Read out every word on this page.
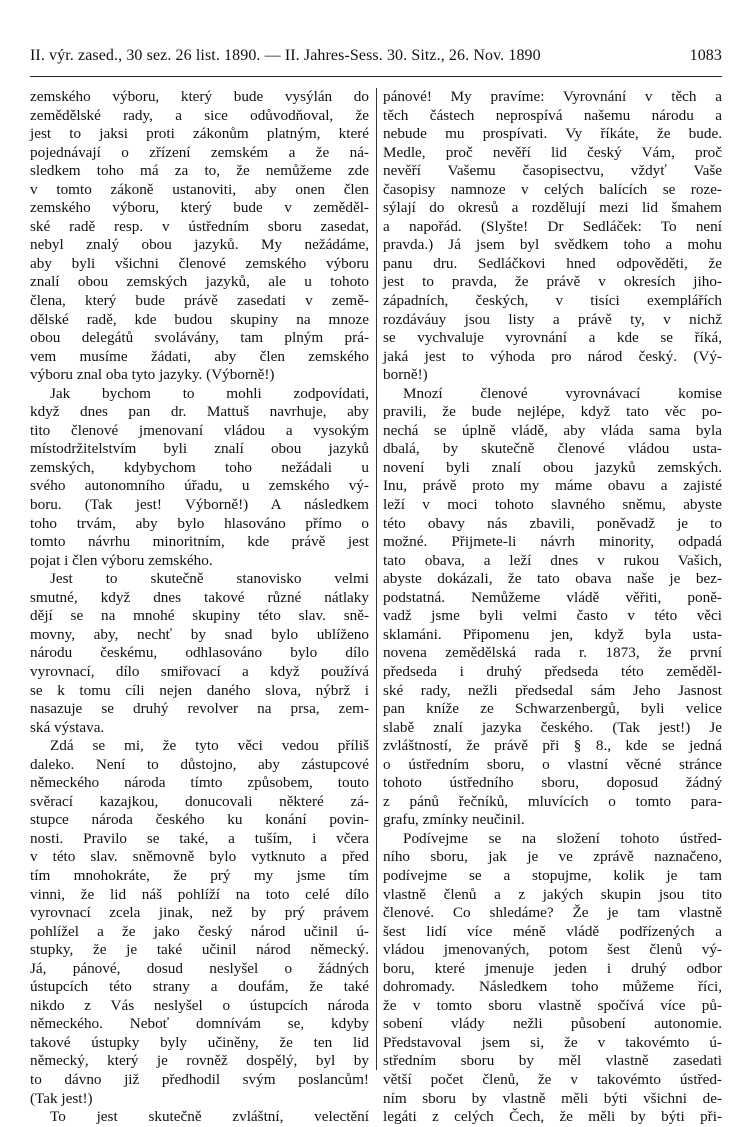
II. výr. zased., 30 sez. 26 list. 1890. — II. Jahres-Sess. 30. Sitz., 26. Nov. 1890	1083
zemského výboru, který bude vysýlán do
zemědělské rady, a sice odůvodňoval, že
jest to jaksi proti zákonům platným, které
pojednávají o zřízení zemském a že ná-
sledkem toho má za to, že nemůžeme zde
v tomto zákoně ustanoviti, aby onen člen
zemského výboru, který bude v zeměděl-
ské radě resp. v ústředním sboru zasedat,
nebyl znalý obou jazyků. My nežádáme,
aby byli všichni členové zemského výboru
znalí obou zemských jazyků, ale u tohoto
člena, který bude právě zasedati v země-
dělské radě, kde budou skupiny na mnoze
obou delegátů svolávány, tam plným prá-
vem musíme žádati, aby člen zemského
výboru znal oba tyto jazyky. (Výborně!)
Jak bychom to mohli zodpovídati,
když dnes pan dr. Mattuš navrhuje, aby
tito členové jmenovaní vládou a vysokým
místodržitelstvím byli znalí obou jazyků
zemských, kdybychom toho nežádali u
svého autonomního úřadu, u zemského vý-
boru. (Tak jest! Výborně!) A následkem
toho trvám, aby bylo hlasováno přímo o
tomto návrhu minoritním, kde právě jest
pojat i člen výboru zemského.
Jest to skutečně stanovisko velmi
smutné, když dnes takové různé nátlaky
dějí se na mnohé skupiny této slav. sně-
movny, aby, nechť by snad bylo ublíženo
národu českému, odhlasováno bylo dílo
vyrovnací, dílo smiřovací a když používá
se k tomu cíli nejen daného slova, nýbrž i
nasazuje se druhý revolver na prsa, zem-
ská výstava.
Zdá se mi, že tyto věci vedou příliš
daleko. Není to důstojno, aby zástupcové
německého národa tímto způsobem, touto
svěrací kazajkou, donucovali některé zá-
stupce národa českého ku konání povin-
nosti. Pravilo se také, a tuším, i včera
v této slav. sněmovně bylo vytknuto a před
tím mnohokráte, že prý my jsme tím
vinni, že lid náš pohlíží na toto celé dílo
vyrovnací zcela jinak, než by prý právem
pohlížel a že jako český národ učinil ú-
stupky, že je také učinil národ německý.
Já, pánové, dosud neslyšel o žádných
ústupcích této strany a doufám, že také
nikdo z Vás neslyšel o ústupcích národa
německého. Neboť domnívám se, kdyby
takové ústupky byly učiněny, že ten lid
německý, který je rovněž dospělý, byl by
to dávno již předhodil svým poslancům!
(Tak jest!)
To jest skutečně zvláštní, velectění
pánové! My pravíme: Vyrovnání v těch a
těch částech neprospívá našemu národu a
nebude mu prospívati. Vy říkáte, že bude.
Medle, proč nevěří lid český Vám, proč
nevěří Vašemu časopisectvu, vždyť Vaše
časopisy namnoze v celých balících se roze-
sýlají do okresů a rozdělují mezi lid šmahem
a napořád. (Slyšte! Dr Sedláček: To není
pravda.) Já jsem byl svědkem toho a mohu
panu dru. Sedláčkovi hned odpověděti, že
jest to pravda, že právě v okresích jiho-
západních, českých, v tisíci exemplářích
rozdáváuy jsou listy a právě ty, v nichž
se vychvaluje vyrovnání a kde se říká,
jaká jest to výhoda pro národ český. (Vý-
borně!)
Mnozí členové vyrovnávací komise
pravili, že bude nejlépe, když tato věc po-
nechá se úplně vládě, aby vláda sama byla
dbalá, by skutečně členové vládou usta-
novení byli znalí obou jazyků zemských.
Inu, právě proto my máme obavu a zajisté
leží v moci tohoto slavného sněmu, abyste
této obavy nás zbavili, poněvadž je to
možné. Přijmete-li návrh minority, odpadá
tato obava, a leží dnes v rukou Vašich,
abyste dokázali, že tato obava naše je bez-
podstatná. Nemůžeme vládě věřiti, poně-
vadž jsme byli velmi často v této věci
sklamáni. Připomenu jen, když byla usta-
novena zemědělská rada r. 1873, že první
předseda i druhý předseda této zeměděl-
ské rady, nežli předsedal sám Jeho Jasnost
pan kníže ze Schwarzenbergů, byli velice
slabě znalí jazyka českého. (Tak jest!) Je
zvláštností, že právě při § 8., kde se jedná
o ústředním sboru, o vlastní věcné stránce
tohoto ústředního sboru, doposud žádný
z pánů řečníků, mluvících o tomto para-
grafu, zmínky neučinil.
Podívejme se na složení tohoto ústřed-
ního sboru, jak je ve zprávě naznačeno,
podívejme se a stopujme, kolik je tam
vlastně členů a z jakých skupin jsou tito
členové. Co shledáme? Že je tam vlastně
šest lidí více méně vládě podřízených a
vládou jmenovaných, potom šest členů vý-
boru, které jmenuje jeden i druhý odbor
dohromady. Následkem toho můžeme říci,
že v tomto sboru vlastně spočívá více pů-
sobení vlády nežli působení autonomie.
Představoval jsem si, že v takovémto ú-
středním sboru by měl vlastně zasedati
větší počet členů, že v takovémto ústřed-
ním sboru by vlastně měli býti všichni de-
legáti z celých Čech, že měli by býti při-
